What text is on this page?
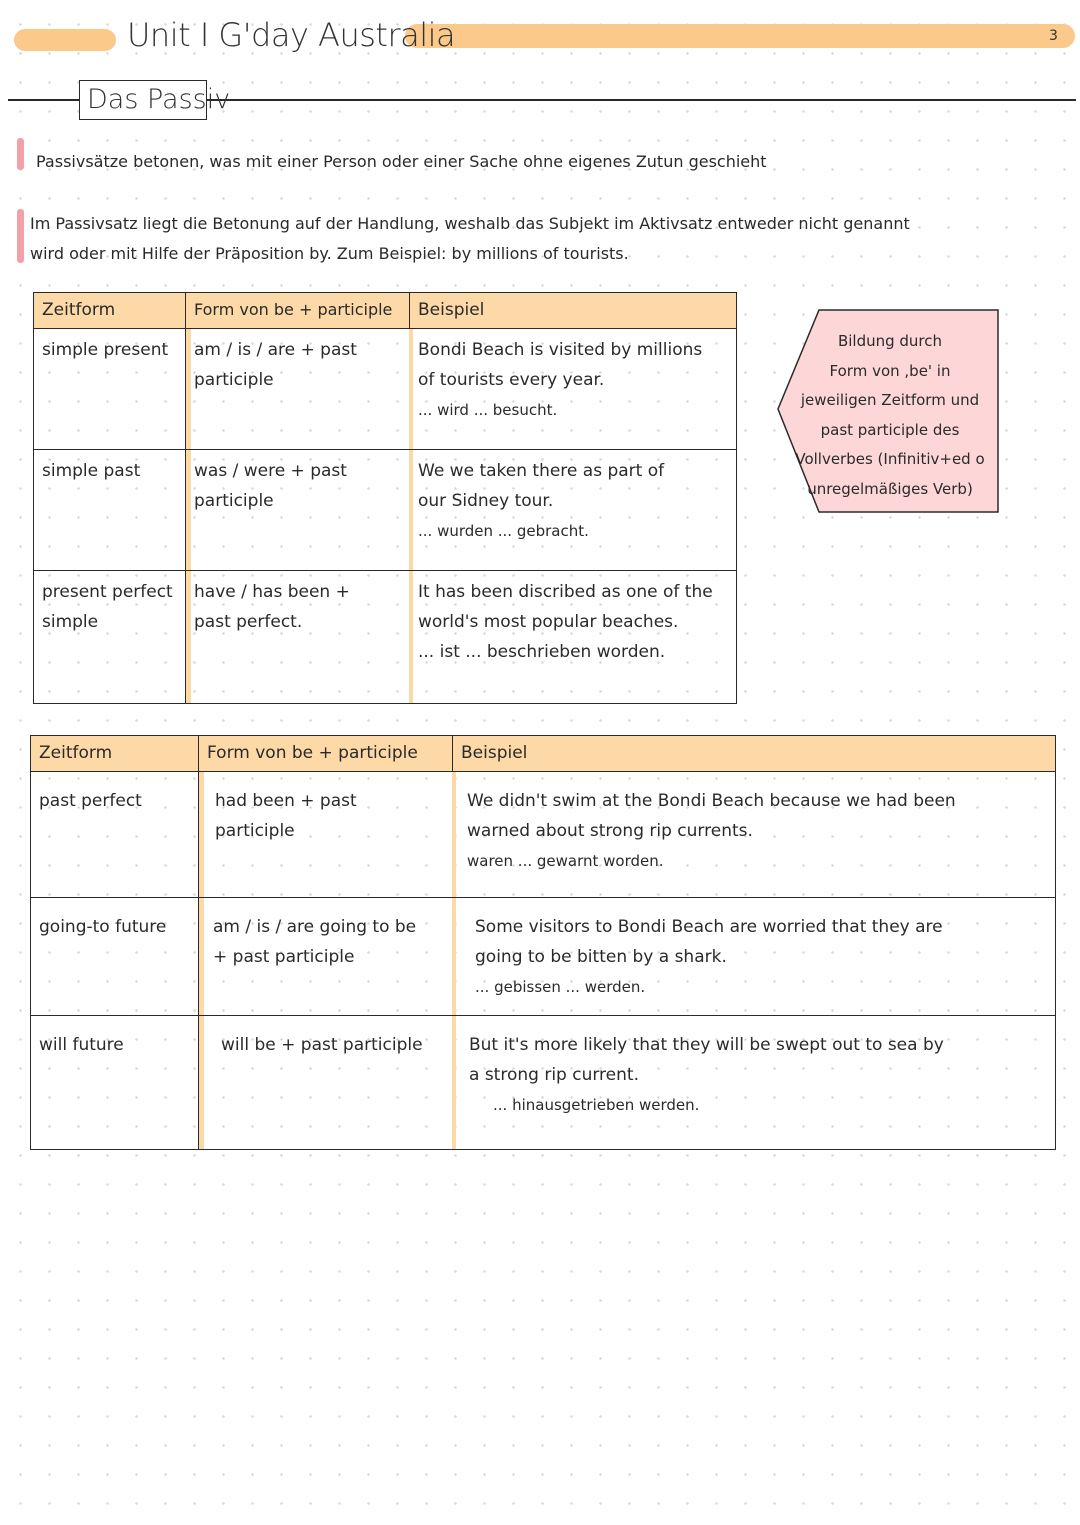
Unit I G'day Australia	3
Das Passiv
Passivsätze betonen, was mit einer Person oder einer Sache ohne eigenes Zutun geschieht
Im Passivsatz liegt die Betonung auf der Handlung, weshalb das Subjekt im Aktivsatz entweder nicht genannt
wird oder mit Hilfe der Präposition by. Zum Beispiel: by millions of tourists.
Zeitform	Form von be + participle	Beispiel

simple present	am / is / are + past
participle	Bondi Beach is visited by millions
of tourists every year.
... wird ... besucht.

simple past	was / were + past
participle	We we taken there as part of
our Sidney tour.
... wurden ... gebracht.

present perfect
simple	have / has been +
past perfect.	It has been discribed as one of the
world's most popular beaches.
... ist ... beschrieben worden.
Bildung durch
Form von ,be' in
jeweiligen Zeitform und
past participle des
Vollverbes (Infinitiv+ed o
unregelmäßiges Verb)
Zeitform	Form von be + participle	Beispiel

past perfect	had been + past
participle	We didn't swim at the Bondi Beach because we had been
warned about strong rip currents.
waren ... gewarnt worden.

going-to future	am / is / are going to be
+ past participle	Some visitors to Bondi Beach are worried that they are
going to be bitten by a shark.
... gebissen ... werden.

will future	will be + past participle	But it's more likely that they will be swept out to sea by
a strong rip current.
... hinausgetrieben werden.
